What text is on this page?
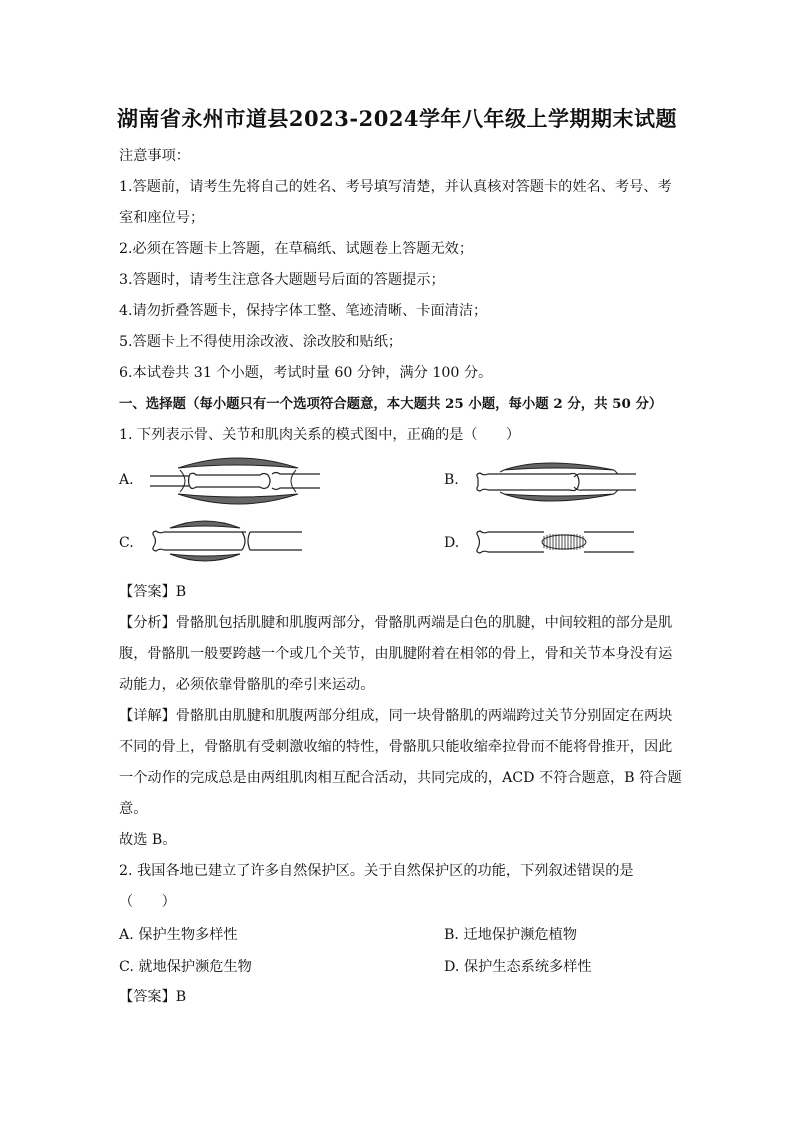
湖南省永州市道县2023-2024学年八年级上学期期末试题
注意事项：
1.答题前，请考生先将自己的姓名、考号填写清楚，并认真核对答题卡的姓名、考号、考
室和座位号；
2.必须在答题卡上答题，在草稿纸、试题卷上答题无效；
3.答题时，请考生注意各大题题号后面的答题提示；
4.请勿折叠答题卡，保持字体工整、笔迹清晰、卡面清洁；
5.答题卡上不得使用涂改液、涂改胶和贴纸；
6.本试卷共 31 个小题，考试时量 60 分钟，满分 100 分。
一、选择题（每小题只有一个选项符合题意，本大题共 25 小题，每小题 2 分，共 50 分）
1. 下列表示骨、关节和肌肉关系的模式图中，正确的是（　　）
A.	B.
C.	D.
【答案】B
【分析】骨骼肌包括肌腱和肌腹两部分，骨骼肌两端是白色的肌腱，中间较粗的部分是肌
腹，骨骼肌一般要跨越一个或几个关节，由肌腱附着在相邻的骨上，骨和关节本身没有运
动能力，必须依靠骨骼肌的牵引来运动。
【详解】骨骼肌由肌腱和肌腹两部分组成，同一块骨骼肌的两端跨过关节分别固定在两块
不同的骨上，骨骼肌有受刺激收缩的特性，骨骼肌只能收缩牵拉骨而不能将骨推开，因此
一个动作的完成总是由两组肌肉相互配合活动，共同完成的，ACD 不符合题意，B 符合题
意。
故选 B。
2. 我国各地已建立了许多自然保护区。关于自然保护区的功能，下列叙述错误的是
（　　）
A. 保护生物多样性	B. 迁地保护濒危植物
C. 就地保护濒危生物	D. 保护生态系统多样性
【答案】B
